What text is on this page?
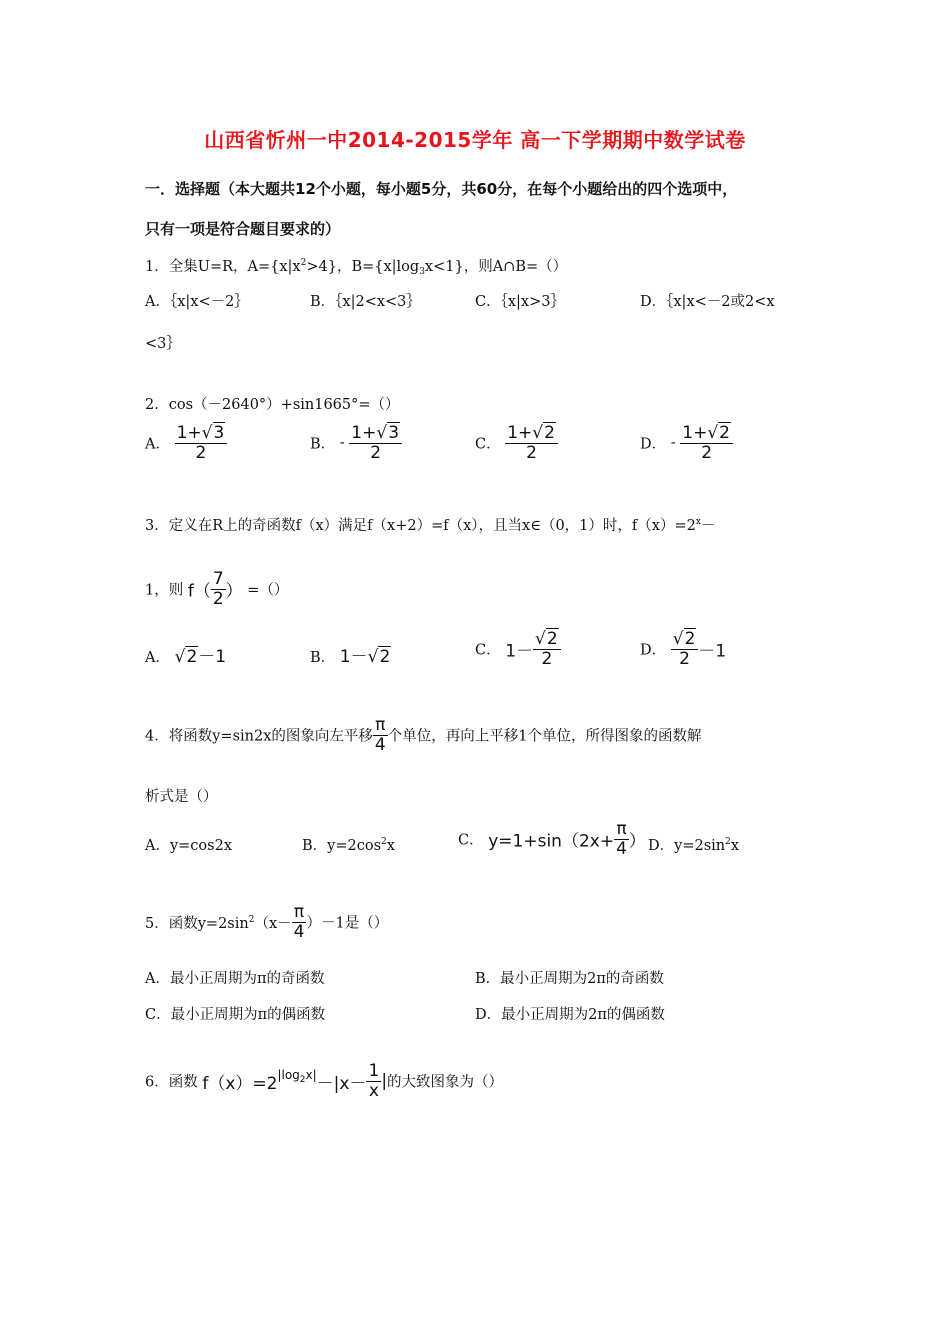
山西省忻州一中2014-2015学年 高一下学期期中数学试卷
一．选择题（本大题共12个小题，每小题5分，共60分，在每个小题给出的四个选项中，
只有一项是符合题目要求的）
1．全集U=R，$A=\{x|x^2>4\}$，$B=\{x|\log_3x<1\}$，则A∩B=（）
A．｛x|x<－2｝	B．｛x|2<x<3｝	C．｛x|x>3｝	D．｛x|x<－2或2<x
<3｝
2．cos（－2640°）+sin1665°=（）
A． $\frac{1+√3}{2}$	B． - $\frac{1+√3}{2}$	C． $\frac{1+√2}{2}$	D． - $\frac{1+√2}{2}$
3．定义在R上的奇函数f（x）满足f（x+2）=f（x），且当x∈（0，1）时，$f(x)=2^x-$
1，则 $f( \frac{7}{2}$ ） =（）
A． √2－1	B． 1－√2	C． $1- \frac{√2}{2}$	D． $\frac{√2}{2} -1$
4．将函数y=sin2x的图象向左平移 $\frac{\pi}{4}$ 个单位，再向上平移1个单位，所得图象的函数解
析式是（）
A．y=cos2x	B．$y=2\cos^2x$	C． $y=1+\sin(2x+ \frac{\pi}{4}$ ） D．$y=2\sin^2x$
5．函数$y=2\sin^2(x- \frac{\pi}{4} )-1$是（）
A．最小正周期为π的奇函数	B．最小正周期为2π的奇函数
C．最小正周期为π的偶函数	D．最小正周期为2π的偶函数
6．函数 $f(x)=2^{|log_2x|}-|x- \frac{1}{x}$ |的大致图象为（）
